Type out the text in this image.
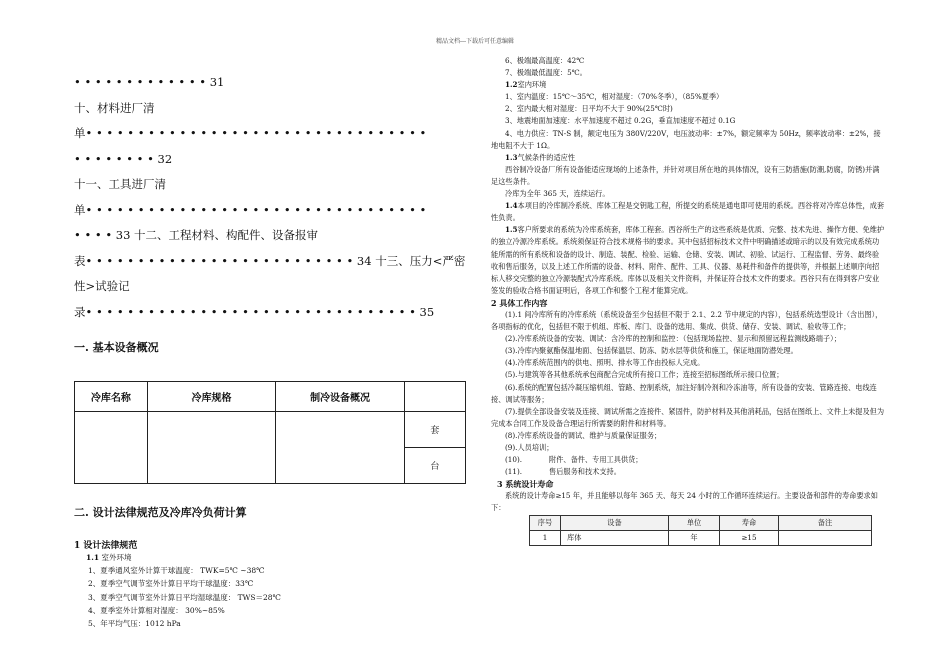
精品文档---下载后可任意编辑
• • • • • • • • • • • • • 31
十、材料进厂清
单• • • • • • • • • • • • • • • • • • • • • • • • • • • • • • • • •
• • • • • • • • 32
十一、工具进厂清
单• • • • • • • • • • • • • • • • • • • • • • • • • • • • • • • • •
• • • • 33 十二、工程材料、构配件、设备报审
表• • • • • • • • • • • • • • • • • • • • • • • • • • 34 十三、压力<严密
性>试验记
录• • • • • • • • • • • • • • • • • • • • • • • • • • • • • • • • 35
一. 基本设备概况
冷库名称	冷库规格	制冷设备概况	
			套
			台
二. 设计法律规范及冷库冷负荷计算
1 设计法律规范
1.1 室外环境
1、夏季通风室外计算干球温度： TWK=5℃ ~38℃
2、夏季空气调节室外计算日平均干球温度：33℃
3、夏季空气调节室外计算日平均湿球温度： TWS＝28℃
4、夏季室外计算相对湿度： 30%~85%
5、年平均气压：1012 hPa

6、极端最高温度：42℃

7、极端最低温度：5℃。

1.2室内环境

1、室内温度：15℃～35℃，相对湿度：（70%冬季），（85%夏季）

2、室内最大相对湿度：日平均不大于 90%(25℃时)

3、地震地面加速度：水平加速度不超过 0.2G，垂直加速度不超过 0.1G

4、电力供应：TN-S 制，额定电压为 380V/220V，电压波动率：±7%，额定频率为 50Hz，频率波动率：±2%，接地电阻不大于 1Ω。

1.3气候条件的适应性

西谷制冷设备厂所有设备能适应现场的上述条件，并针对项目所在地的具体情况，设有三防措施(防潮,防腐，防锈)并满足这些条件。

冷库为全年 365 天，连续运行。

1.4本项目的冷库制冷系统、库体工程是交钥匙工程，所提交的系统是通电即可使用的系统。西谷将对冷库总体性，成套性负责。

1.5客户所要求的系统为冷库系统套，库体工程套。西谷所生产的这些系统是优质、完整、技术先进、操作方便、免维护的独立冷源冷库系统。系统须保证符合技术规格书的要求。其中包括招标技术文件中明确描述或暗示的以及有效完成系统功能所需的所有系统和设备的设计、制造、装配、检验、运输、仓储、安装、调试、初验、试运行、工程监督、劳务、最终验收和售后服务，以及上述工作所需的设备、材料、附件、配件、工具、仪器、易耗件和备件的提供等，并根据上述顺序向招标人移交完整的独立冷源装配式冷库系统。库体以及相关文件资料，并保证符合技术文件的要求。西谷只有在得到客户安业签发的验收合格书面证明后，各项工作和整个工程才能算完成。

2 具体工作内容

(1).1 间冷库所有的冷库系统（系统设备至少包括但不限于 2.1、2.2 节中规定的内容），包括系统选型设计（含出图），各项指标的优化，包括但不限于机组、库板、库门、设备的选用、集成、供货、储存、安装、调试、验收等工作；

(2).冷库系统设备的安装、调试：含冷库的控制和监控：（包括现场监控、显示和预留远程监测线路端子）；

(3).冷库内聚氨酯保温地面、包括保温层、防冻、防水层等供货和施工，保证地面防潜处理。

(4).冷库系统范围内的供电、照明、排水等工作由投标人完成。

(5).与建筑等各其他系统承包商配合完成所有接口工作；连接至招标图纸所示接口位置；

(6).系统的配置包括冷凝压缩机组、管路、控制系统，加注好制冷剂和冷冻油等，所有设备的安装、管路连接、电线连接、调试等服务；

(7).提供全部设备安装及连接、调试所需之连接件、紧固件，防护材料及其他消耗品，包括在图纸上、文件上未提及但为完成本合同工作及设备合理运行所需要的附件和材料等。

(8).冷库系统设备的调试、维护与质量保证服务；

(9).人员培训；

(10).	附件、备件、专用工具供货；

(11).	售后服务和技术支持。

3 系统设计寿命

系统的设计寿命≥15 年，并且能够以每年 365 天、每天 24 小时的工作循环连续运行。主要设备和部件的寿命要求如下：

序号	设备	单位	寿命	备注
1	库体	年	≥15	
